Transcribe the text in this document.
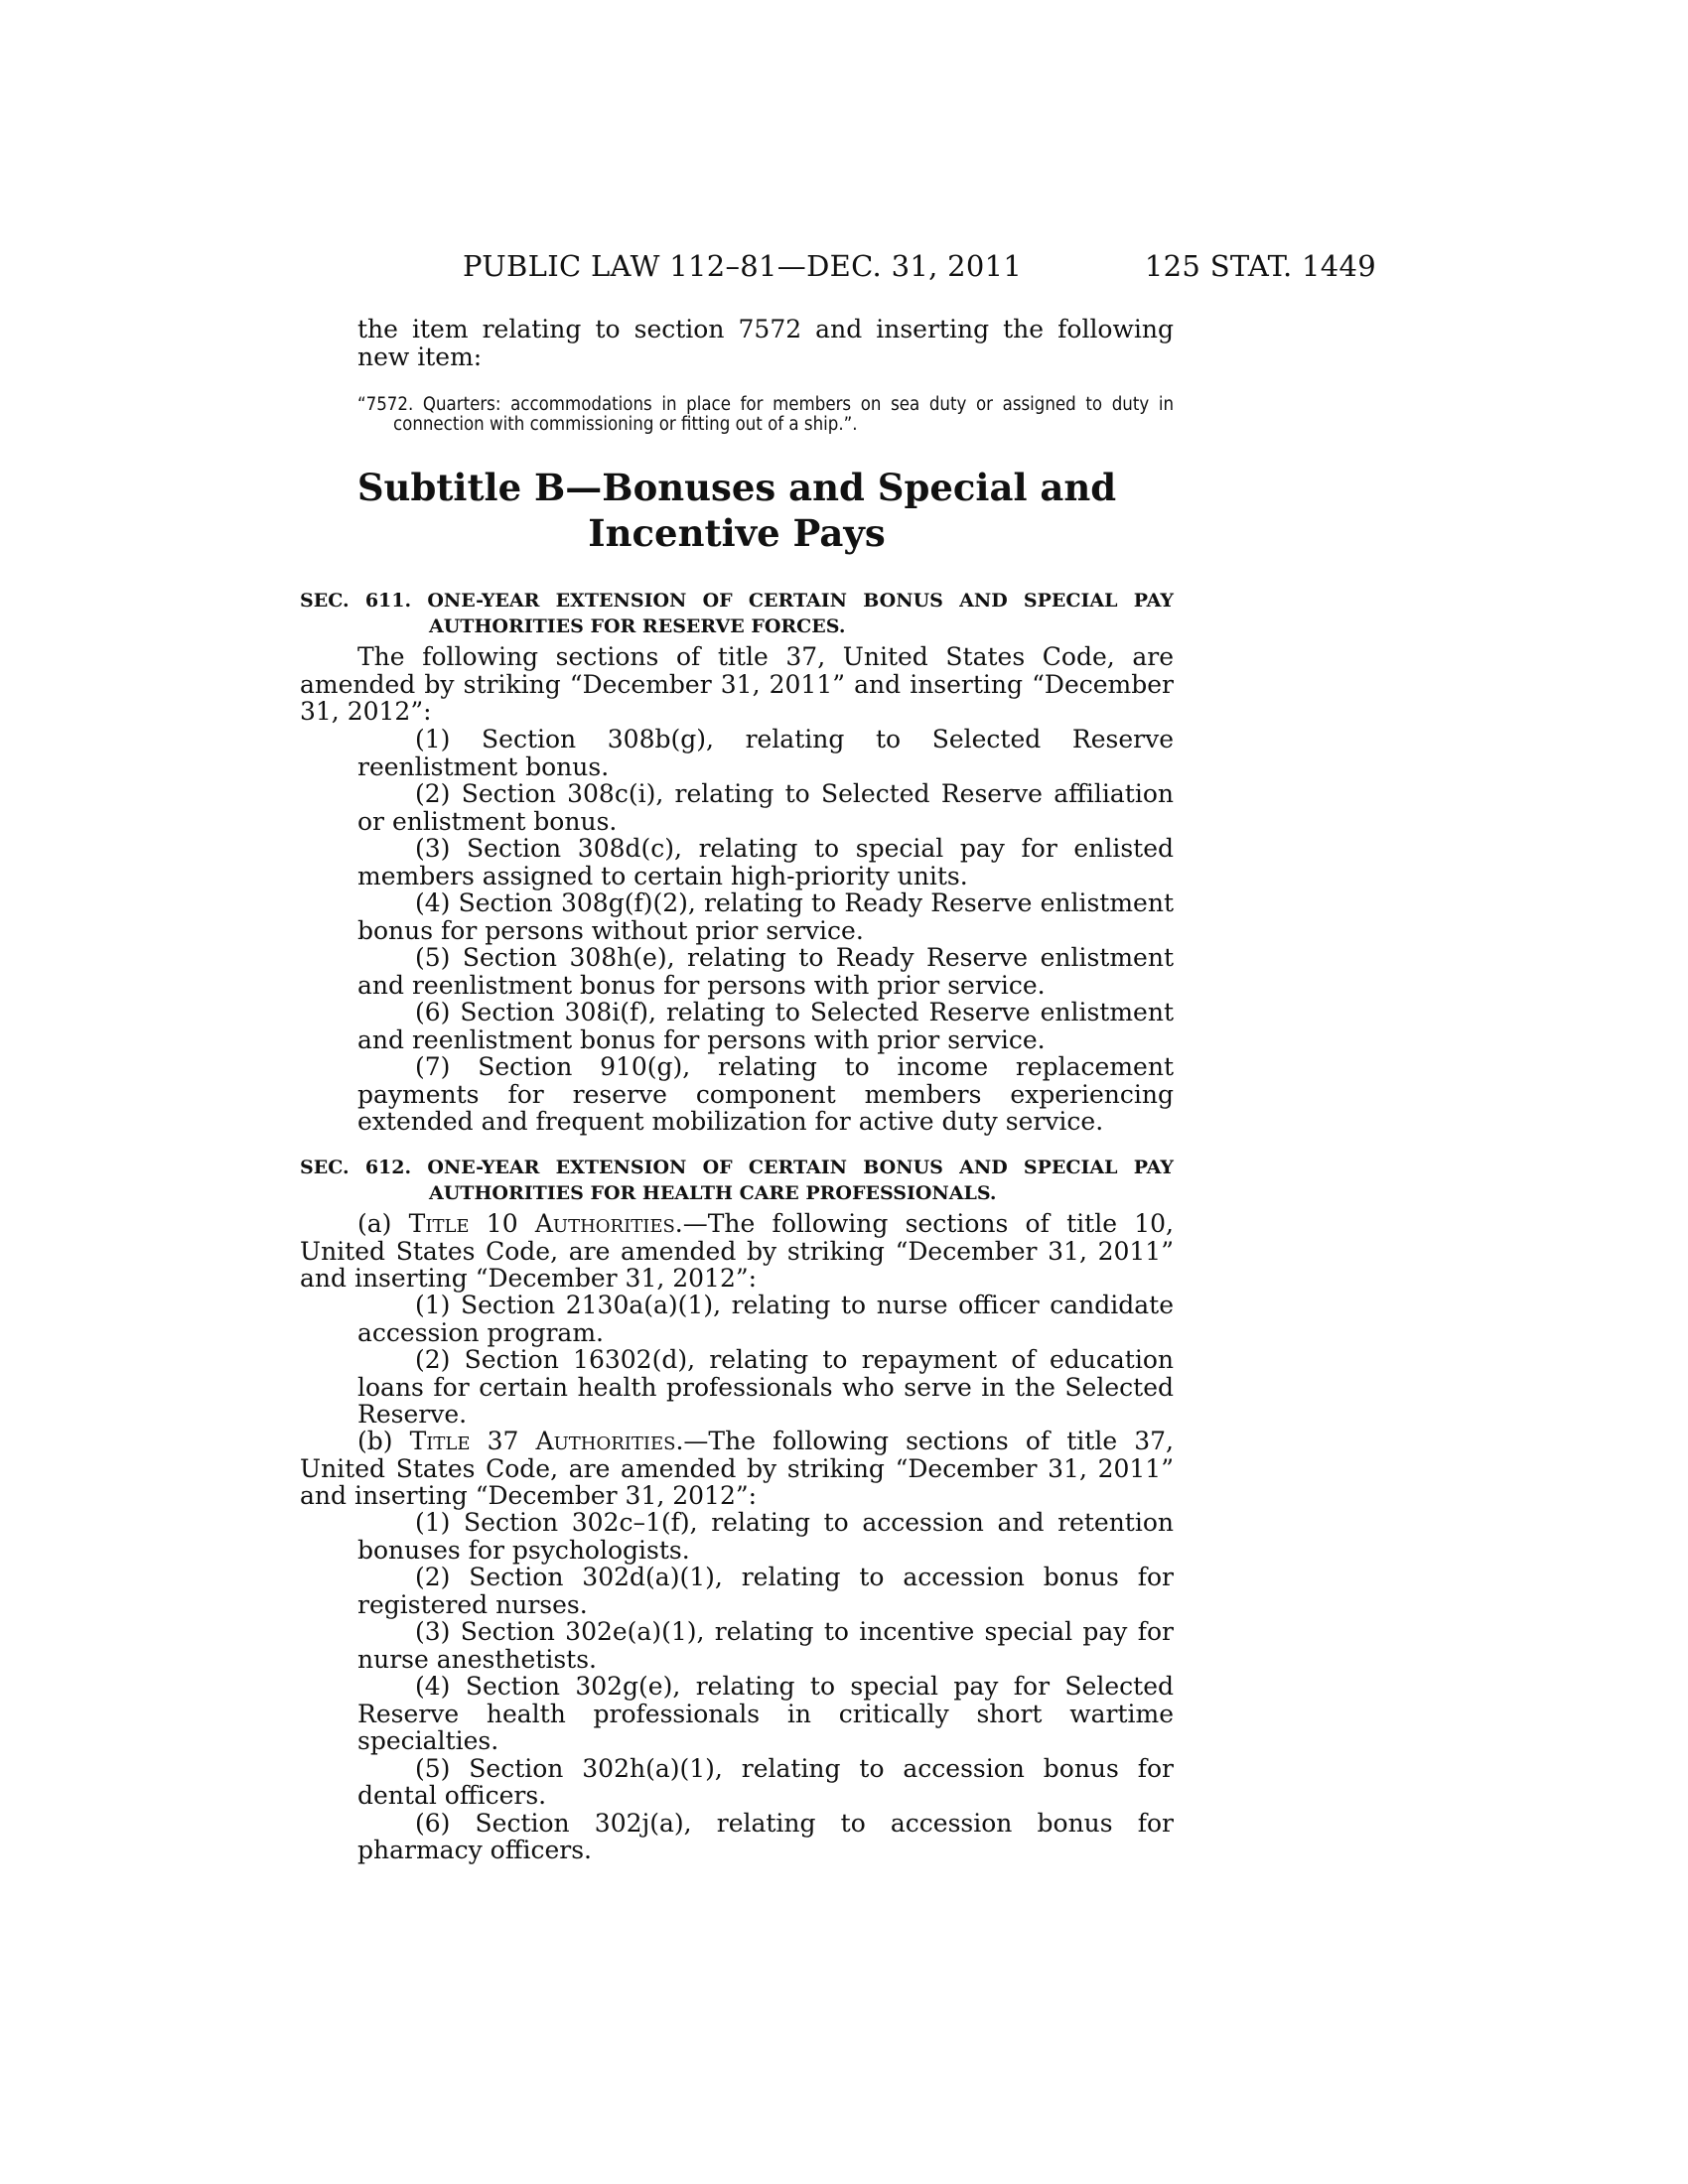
PUBLIC LAW 112–81—DEC. 31, 2011	125 STAT. 1449
the item relating to section 7572 and inserting the following new item:
“7572. Quarters: accommodations in place for members on sea duty or assigned to duty in connection with commissioning or fitting out of a ship.”.
Subtitle B—Bonuses and Special and
Incentive Pays
SEC. 611. ONE-YEAR EXTENSION OF CERTAIN BONUS AND SPECIAL PAY AUTHORITIES FOR RESERVE FORCES.
The following sections of title 37, United States Code, are amended by striking “December 31, 2011” and inserting “December 31, 2012”:
(1) Section 308b(g), relating to Selected Reserve reenlistment bonus.
(2) Section 308c(i), relating to Selected Reserve affiliation or enlistment bonus.
(3) Section 308d(c), relating to special pay for enlisted members assigned to certain high-priority units.
(4) Section 308g(f)(2), relating to Ready Reserve enlistment bonus for persons without prior service.
(5) Section 308h(e), relating to Ready Reserve enlistment and reenlistment bonus for persons with prior service.
(6) Section 308i(f), relating to Selected Reserve enlistment and reenlistment bonus for persons with prior service.
(7) Section 910(g), relating to income replacement payments for reserve component members experiencing extended and frequent mobilization for active duty service.
SEC. 612. ONE-YEAR EXTENSION OF CERTAIN BONUS AND SPECIAL PAY AUTHORITIES FOR HEALTH CARE PROFESSIONALS.
(a) Title 10 Authorities.—The following sections of title 10, United States Code, are amended by striking “December 31, 2011” and inserting “December 31, 2012”:
(1) Section 2130a(a)(1), relating to nurse officer candidate accession program.
(2) Section 16302(d), relating to repayment of education loans for certain health professionals who serve in the Selected Reserve.
(b) Title 37 Authorities.—The following sections of title 37, United States Code, are amended by striking “December 31, 2011” and inserting “December 31, 2012”:
(1) Section 302c–1(f), relating to accession and retention bonuses for psychologists.
(2) Section 302d(a)(1), relating to accession bonus for registered nurses.
(3) Section 302e(a)(1), relating to incentive special pay for nurse anesthetists.
(4) Section 302g(e), relating to special pay for Selected Reserve health professionals in critically short wartime specialties.
(5) Section 302h(a)(1), relating to accession bonus for dental officers.
(6) Section 302j(a), relating to accession bonus for pharmacy officers.
